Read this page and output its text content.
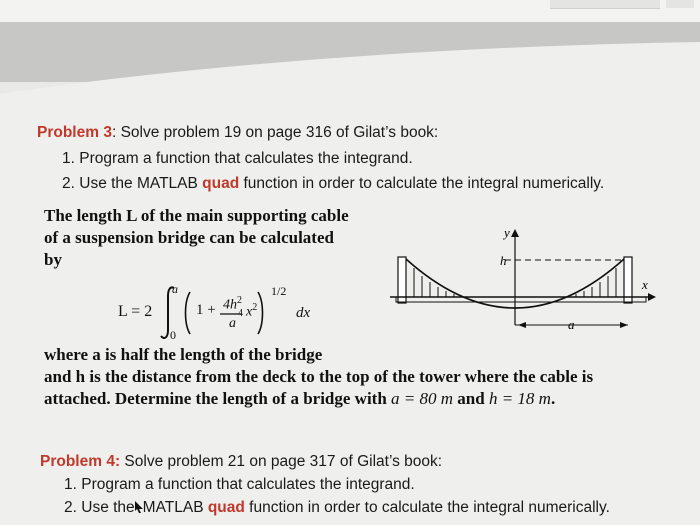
Problem 3: Solve problem 19 on page 316 of Gilat’s book:
1. Program a function that calculates the integrand.
2. Use the MATLAB quad function in order to calculate the integral numerically.
The length L of the main supporting cable
of a suspension bridge can be calculated
by
L = 2
a
0
$1 + 4h^2$
a
4 $x^2$
1/2
dx
where a is half the length of the bridge
and h is the distance from the deck to the top of the tower where the cable is
attached. Determine the length of a bridge with a = 80 m and h = 18 m.
y
h
x
a
Problem 4: Solve problem 21 on page 317 of Gilat’s book:
1. Program a function that calculates the integrand.
2. Use the MATLAB quad function in order to calculate the integral numerically.
